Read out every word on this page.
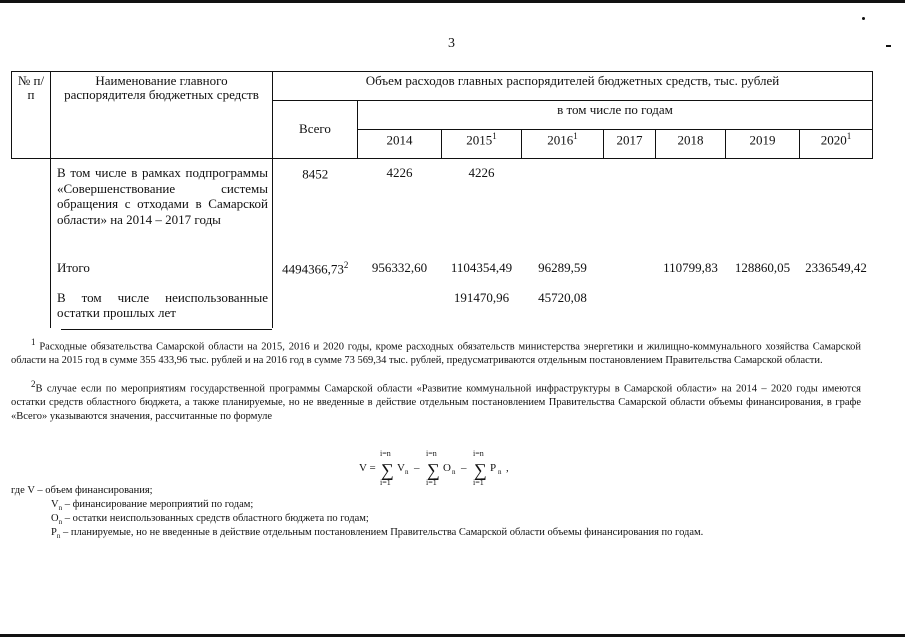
3
№ п/п	Наименование главного распорядителя бюджетных средств	Объем расходов главных распорядителей бюджетных средств, тыс. рублей							
		Всего	в том числе по годам						
			2014	2015$^1$	2016$^1$	2017	2018	2019	2020$^1$
	В том числе в рамках подпрограммы «Совершенствование системы обращения с отходами в Самарской области» на 2014 – 2017 годы	8452	4226	4226					
	Итого	4494366,73$^2$	956332,60	1104354,49	96289,59		110799,83	128860,05	2336549,42
	В том числе неиспользованные остатки прошлых лет			191470,96	45720,08				
$^1$ Расходные обязательства Самарской области на 2015, 2016 и 2020 годы, кроме расходных обязательств министерства энергетики и жилищно-коммунального хозяйства Самарской области на 2015 год в сумме 355 433,96 тыс. рублей и на 2016 год в сумме 73 569,34 тыс. рублей, предусматриваются отдельным постановлением Правительства Самарской области.
$^2$В случае если по мероприятиям государственной программы Самарской области «Развитие коммунальной инфраструктуры в Самарской области» на 2014 – 2020 годы имеются остатки средств областного бюджета, а также планируемые, но не введенные в действие отдельным постановлением Правительства Самарской области объемы финансирования, в графе «Всего» указываются значения, рассчитанные по формуле
V =
i=n
∑
i=1
V n –
i=n
∑
i=1
O n –
i=n
∑
i=1
P n ,
где V – объем финансирования;
$V_n$ – финансирование мероприятий по годам;
$O_n$ – остатки неиспользованных средств областного бюджета по годам;
$P_n$ – планируемые, но не введенные в действие отдельным постановлением Правительства Самарской области объемы финансирования по годам.
